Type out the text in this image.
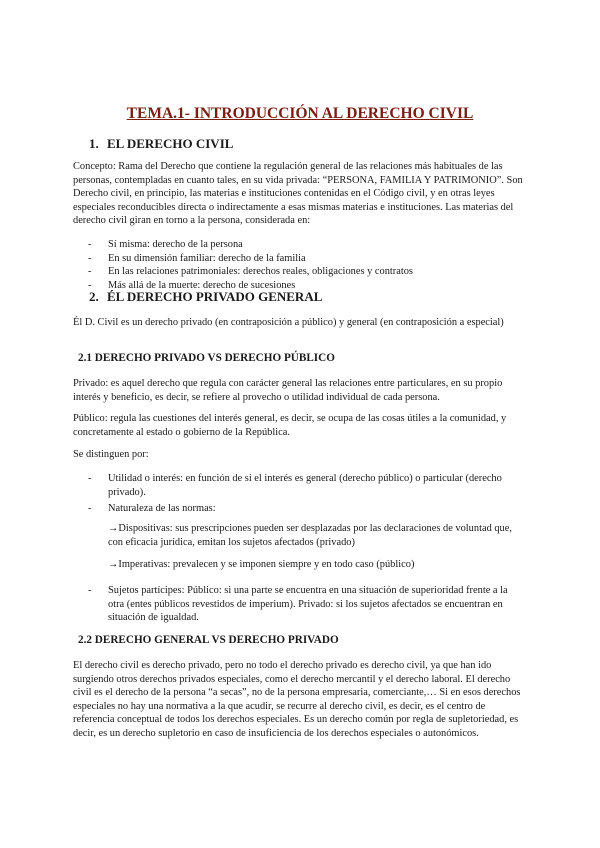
TEMA.1- INTRODUCCIÓN AL DERECHO CIVIL
1. EL DERECHO CIVIL

Concepto: Rama del Derecho que contiene la regulación general de las relaciones más habituales de las personas, contempladas en cuanto tales, en su vida privada: “PERSONA, FAMILIA Y PATRIMONIO”. Son Derecho civil, en principio, las materias e instituciones contenidas en el Código civil, y en otras leyes especiales reconducibles directa o indirectamente a esas mismas materias e instituciones. Las materias del derecho civil giran en torno a la persona, considerada en:

- Sí misma: derecho de la persona
- En su dimensión familiar: derecho de la familia
- En las relaciones patrimoniales: derechos reales, obligaciones y contratos
- Más allá de la muerte: derecho de sucesiones
2. ÉL DERECHO PRIVADO GENERAL

Él D. Civil es un derecho privado (en contraposición a público) y general (en contraposición a especial)

2.1 DERECHO PRIVADO VS DERECHO PÚBLICO

Privado: es aquel derecho que regula con carácter general las relaciones entre particulares, en su propio interés y beneficio, es decir, se refiere al provecho o utilidad individual de cada persona.

Público: regula las cuestiones del interés general, es decir, se ocupa de las cosas útiles a la comunidad, y concretamente al estado o gobierno de la República.

Se distinguen por:

- Utilidad o interés: en función de si el interés es general (derecho público) o particular (derecho privado).
- Naturaleza de las normas:

→Dispositivas: sus prescripciones pueden ser desplazadas por las declaraciones de voluntad que, con eficacia jurídica, emitan los sujetos afectados (privado)

→Imperativas: prevalecen y se imponen siempre y en todo caso (público)

- Sujetos partícipes: Público: si una parte se encuentra en una situación de superioridad frente a la otra (entes públicos revestidos de imperium). Privado: si los sujetos afectados se encuentran en situación de igualdad.
2.2 DERECHO GENERAL VS DERECHO PRIVADO

El derecho civil es derecho privado, pero no todo el derecho privado es derecho civil, ya que han ido surgiendo otros derechos privados especiales, como el derecho mercantil y el derecho laboral. El derecho civil es el derecho de la persona “a secas”, no de la persona empresaria, comerciante,… Si en esos derechos especiales no hay una normativa a la que acudir, se recurre al derecho civil, es decir, es el centro de referencia conceptual de todos los derechos especiales. Es un derecho común por regla de supletoriedad, es decir, es un derecho supletorio en caso de insuficiencia de los derechos especiales o autonómicos.
